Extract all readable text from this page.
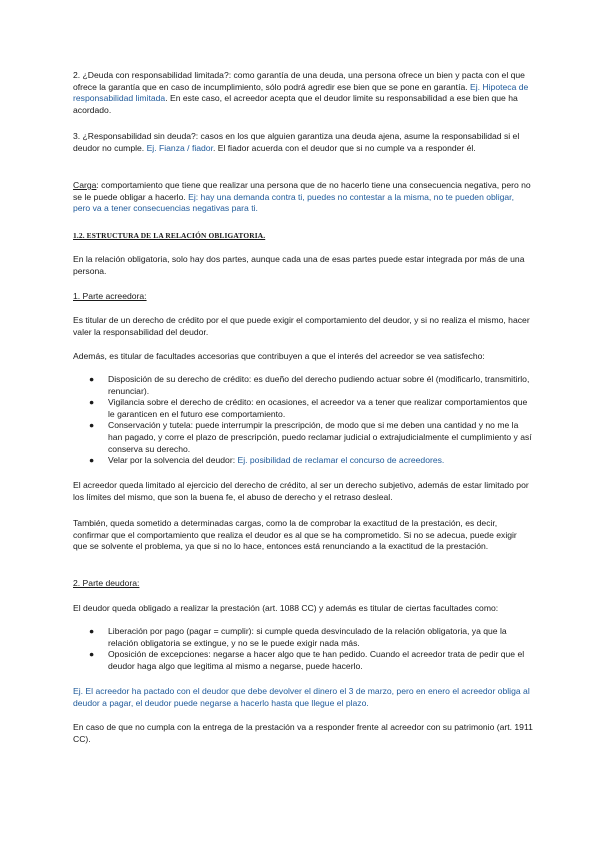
2. ¿Deuda con responsabilidad limitada?: como garantía de una deuda, una persona ofrece un bien y pacta con el que ofrece la garantía que en caso de incumplimiento, sólo podrá agredir ese bien que se pone en garantía. Ej. Hipoteca de responsabilidad limitada. En este caso, el acreedor acepta que el deudor limite su responsabilidad a ese bien que ha acordado.

3. ¿Responsabilidad sin deuda?: casos en los que alguien garantiza una deuda ajena, asume la responsabilidad si el deudor no cumple. Ej. Fianza / fiador. El fiador acuerda con el deudor que si no cumple va a responder él.

Carga: comportamiento que tiene que realizar una persona que de no hacerlo tiene una consecuencia negativa, pero no se le puede obligar a hacerlo. Ej: hay una demanda contra ti, puedes no contestar a la misma, no te pueden obligar, pero va a tener consecuencias negativas para ti.

1.2. ESTRUCTURA DE LA RELACIÓN OBLIGATORIA.

En la relación obligatoria, solo hay dos partes, aunque cada una de esas partes puede estar integrada por más de una persona.

1. Parte acreedora:

Es titular de un derecho de crédito por el que puede exigir el comportamiento del deudor, y si no realiza el mismo, hacer valer la responsabilidad del deudor.

Además, es titular de facultades accesorias que contribuyen a que el interés del acreedor se vea satisfecho:

● Disposición de su derecho de crédito: es dueño del derecho pudiendo actuar sobre él (modificarlo, transmitirlo, renunciar).
● Vigilancia sobre el derecho de crédito: en ocasiones, el acreedor va a tener que realizar comportamientos que le garanticen en el futuro ese comportamiento.
● Conservación y tutela: puede interrumpir la prescripción, de modo que si me deben una cantidad y no me la han pagado, y corre el plazo de prescripción, puedo reclamar judicial o extrajudicialmente el cumplimiento y así conserva su derecho.
● Velar por la solvencia del deudor: Ej. posibilidad de reclamar el concurso de acreedores.

El acreedor queda limitado al ejercicio del derecho de crédito, al ser un derecho subjetivo, además de estar limitado por los límites del mismo, que son la buena fe, el abuso de derecho y el retraso desleal.

También, queda sometido a determinadas cargas, como la de comprobar la exactitud de la prestación, es decir, confirmar que el comportamiento que realiza el deudor es al que se ha comprometido. Si no se adecua, puede exigir que se solvente el problema, ya que si no lo hace, entonces está renunciando a la exactitud de la prestación.

2. Parte deudora:

El deudor queda obligado a realizar la prestación (art. 1088 CC) y además es titular de ciertas facultades como:

● Liberación por pago (pagar = cumplir): si cumple queda desvinculado de la relación obligatoria, ya que la relación obligatoria se extingue, y no se le puede exigir nada más.
● Oposición de excepciones: negarse a hacer algo que te han pedido. Cuando el acreedor trata de pedir que el deudor haga algo que legitima al mismo a negarse, puede hacerlo.

Ej. El acreedor ha pactado con el deudor que debe devolver el dinero el 3 de marzo, pero en enero el acreedor obliga al deudor a pagar, el deudor puede negarse a hacerlo hasta que llegue el plazo.

En caso de que no cumpla con la entrega de la prestación va a responder frente al acreedor con su patrimonio (art. 1911 CC).
